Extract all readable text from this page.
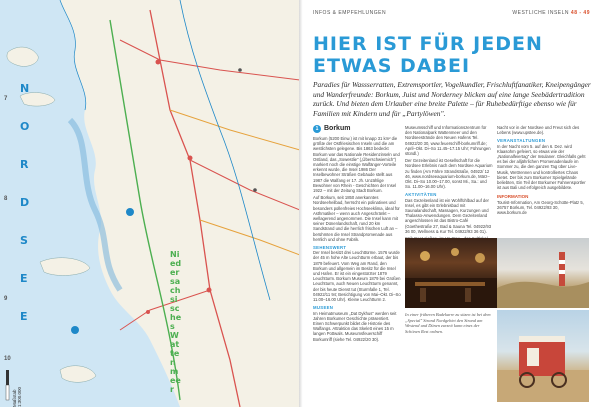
N O R D S E E
Niedersachsisches Wattenmeer
7
8
9
10
Maßstab 1:300.000
INFOS & EMPFEHLUNGEN	WESTLICHE INSELN 48 - 49
HIER IST FÜR JEDEN ETWAS DABEI

Paradies für Wassserratten, Extremsportler, Vogelkundler, Frischluftfanatiker, Kneipengänger und Wanderfreunde: Borkum, Juist und Norderney blicken auf eine lange Seebädertradition zurück. Und bieten dem Urlauber eine breite Palette – für Ruhebedürftige ebenso wie für Familien mit Kindern und für „Partylöwen".

1 Borkum

Borkum (5200 Einw.) ist mit knapp 31 km² die größte der Ostfriesischen Inseln und die am westlichsten gelegene. Bis 1863 bedeckt Borkum war das Nationale Residenzinseln und Ostland, das „Sowestlie" („Überschwiemich") markiert noch die einstige Walfänger-Vorteile erkennt wurde, die Insel 1986 Der Inselbewohner Sträßen Gebäude stellt aus 1987 die Walfang er 17. Jh. Unzählige Bewohner von Rhein - Geschichten der Insel 1922 – mit der Zeitung Stadt Borkum.

Auf Borkum, seit 1850 anerkanntes Nordseeheilbad, herrscht ein polinatives und besonders pollenfreies Hochseeklima, ideal für Asthmatiker – wenn auch Angeschränkt – wellagerend angenommen. Die Insel kann mit seiner Dünenlandschaft, rund 20 km Sandstrand und die herrlich frischen Luft an – berühmten die Insel Strandpromenade aus herrlich und ohne Fabrik.

SEHENSWERT

Der Insel besitzt drei Leuchttürme. 1576 wurde der 45 m hohe Alte Leuchtturm erbaut, der bis 1879 befeuert. Vom Weg am Rand, den Borkum und allgemein im Besitz für die Insel und Hafen. Er ist ein eingestürzter 1879 Leuchtturm. Borkum Museum 1879 bei Großen Leuchtturm, auch Neuen Leuchtturm genannt, der bis heute Dienst tut (Sturmfalle 1, Tel. 04922/11 94; Besichtigung von Mai–Okt. Di–So 11.00–16.00 Uhr). Kleine Leuchtturm 2.

MUSEEN

Im Heimatmuseum „Dat Dykhus" werden seit Jahren Borkumer Geschichte präsentiert. Einen Schwerpunkt bildet die Historie des Walfangs. Attraktion das Skelett eines 15 m langen Pottwals. Museumsfeuerschiff Borkumriff (siehe Tel. 04922/20 30).

Museumsschiff und Informationszentrum für den Nationalpark Wattenmeer und den Nordseestrände den Neuen Hafens Tel. 04922/20 30, www.feuerschiff-borkumriff.de; April–Okt. Di–So 11.45–17.15 Uhr; Führungen stündl.)

Der Gezeitenland ist Gesellschaft für die Nordsee Erlebnis nach dem Nordsee Aquarium zu finden (Am Fähre Strandstraße, 04922/ 12 46, www.nordseeaquarium-borkum.de, März–Okt. Di–So 10.00–17.00, sonst Mi., Sa.: und So. 11.00–16.00 Uhr).

AKTIVITÄTEN

Das Gezeitenland ist ein Wohlfühlbad auf der Insel, es gibt ein Erlebnisbad mit Saunalandschaft, Massagen, Kurzungen und Thalasso-Anwendungen. Dem Gezeitenland angeschlossen ist das Bistro-Café (Goethestraße 27, Bad & Sauna Tel. 04922/93 36 00, Wellness & Kur Tel. 04922/93 36 01).

Nacht vor in der Nordsee und Freut sich des Lebens (www.upstee.de).

VERANSTALTUNGEN

In der Nacht vom 5. auf den 6. Dez. wird Klaasohm gefeiert, so etwas wie der „Nationalfeiertag" der Insulaner. Gleichfalls geht es bei der alljährlichen Promenadenlaufe im Sommer zu, die den ganzen Tag über Live-Musik, Wettrennen und kontrolliertes Chaos bietet. Der bis zum Borkumer Spielgelände beliebten, Ein Teil der Borkumer Fahnensportler ist aus Bali und erfolgreich ausgebildete.

INFORMATION

Tourist-Information, Am Georg-Schütte-Platz 5, 26757 Borkum, Tel. 04922/93 30, www.borkum.de

In einer früheren Badekarre zu sitzen ist bei dem „Special" Strand Nordgebiet den Strand am Westend und Dünen zurzeit kann eines der Schönen Rest ordnen.
